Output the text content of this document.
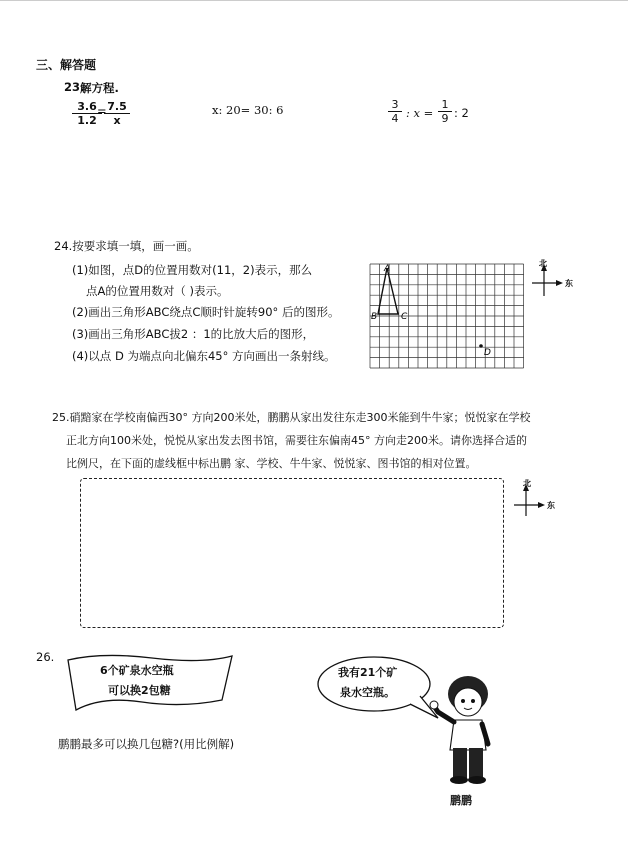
三、解答题
23.
解方程.
$\frac{3.6}{1.2}$
=
$\frac{7.5}{x}$	x: 20= 30: 6	$\frac{3}{4}$ : $x = \frac{1}{9}$ : 2
24.按要求填一填，画一画。
(1)如图，点D的位置用数对(11，2)表示，那么
点A的位置用数对（ )表示。
(2)画出三角形ABC绕点C顺时针旋转90° 后的图形。
(3)画出三角形ABC拔2 ：1的比放大后的图形，
(4)以点 D 为端点向北偏东45° 方向画出一条射线。
A
B	C
D
北
东
25.硝黯家在学校南偏西30° 方向200米处，鹏鹏从家出发往东走300米能到牛牛家；悦悦家在学校
正北方向100米处，悦悦从家出发去图书馆，需要往东偏南45° 方向走200米。请你选择合适的
比例尺，在下面的虚线框中标出鹏 家、学校、牛牛家、悦悦家、图书馆的相对位置。
北
东
26.
6个矿泉水空瓶
可以换2包糖
我有21个矿
泉水空瓶。
鹏鹏最多可以换几包糖?(用比例解)
鹏鹏
